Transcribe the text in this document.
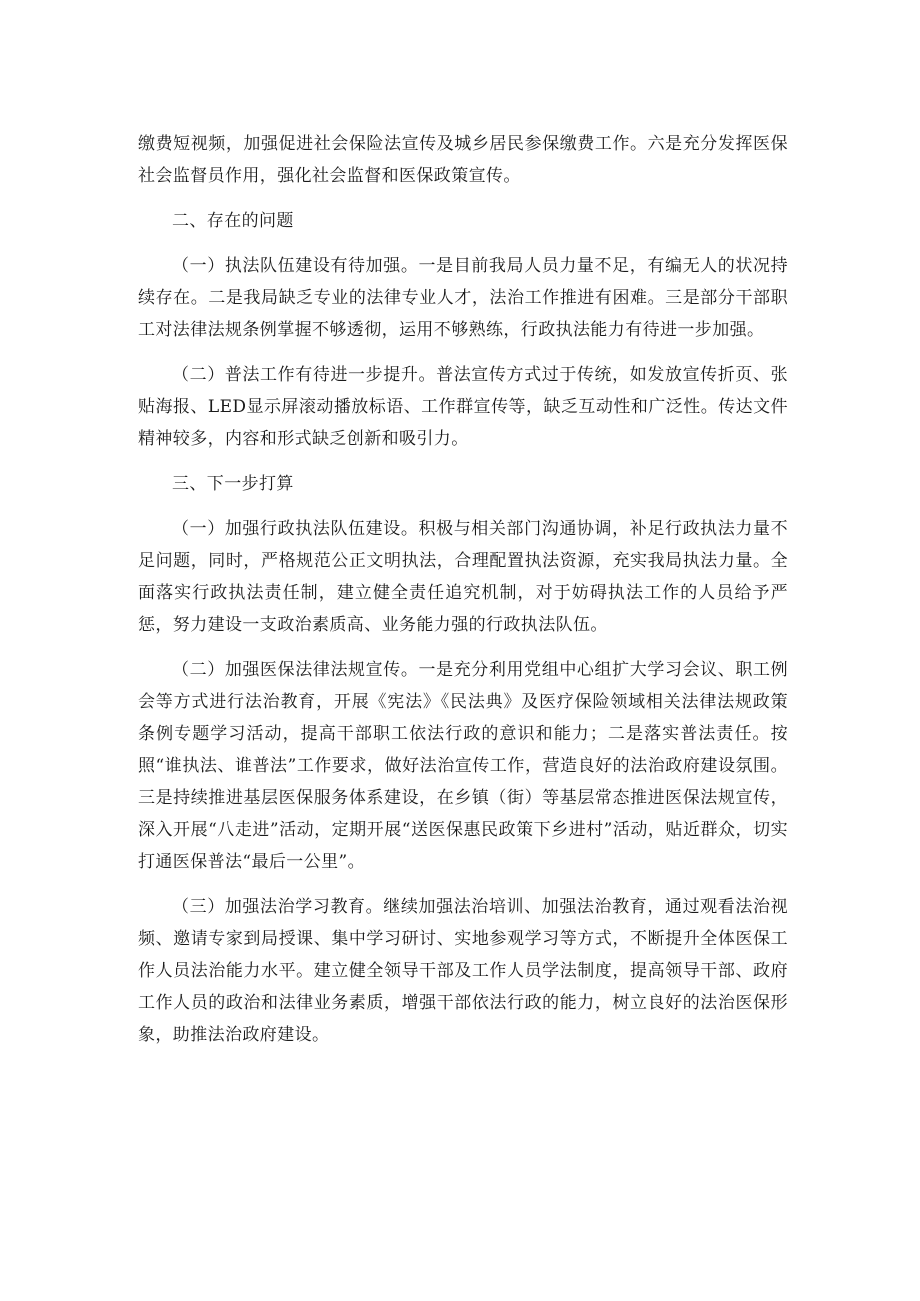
缴费短视频，加强促进社会保险法宣传及城乡居民参保缴费工作。六是充分发挥医保社会监督员作用，强化社会监督和医保政策宣传。

二、存在的问题

（一）执法队伍建设有待加强。一是目前我局人员力量不足，有编无人的状况持续存在。二是我局缺乏专业的法律专业人才，法治工作推进有困难。三是部分干部职工对法律法规条例掌握不够透彻，运用不够熟练，行政执法能力有待进一步加强。

（二）普法工作有待进一步提升。普法宣传方式过于传统，如发放宣传折页、张贴海报、LED显示屏滚动播放标语、工作群宣传等，缺乏互动性和广泛性。传达文件精神较多，内容和形式缺乏创新和吸引力。

三、下一步打算

（一）加强行政执法队伍建设。积极与相关部门沟通协调，补足行政执法力量不足问题，同时，严格规范公正文明执法，合理配置执法资源，充实我局执法力量。全面落实行政执法责任制，建立健全责任追究机制，对于妨碍执法工作的人员给予严惩，努力建设一支政治素质高、业务能力强的行政执法队伍。

（二）加强医保法律法规宣传。一是充分利用党组中心组扩大学习会议、职工例会等方式进行法治教育，开展《宪法》《民法典》及医疗保险领域相关法律法规政策条例专题学习活动，提高干部职工依法行政的意识和能力；二是落实普法责任。按照“谁执法、谁普法”工作要求，做好法治宣传工作，营造良好的法治政府建设氛围。三是持续推进基层医保服务体系建设，在乡镇（街）等基层常态推进医保法规宣传，深入开展“八走进”活动，定期开展“送医保惠民政策下乡进村”活动，贴近群众，切实打通医保普法“最后一公里”。

（三）加强法治学习教育。继续加强法治培训、加强法治教育，通过观看法治视频、邀请专家到局授课、集中学习研讨、实地参观学习等方式，不断提升全体医保工作人员法治能力水平。建立健全领导干部及工作人员学法制度，提高领导干部、政府工作人员的政治和法律业务素质，增强干部依法行政的能力，树立良好的法治医保形象，助推法治政府建设。
